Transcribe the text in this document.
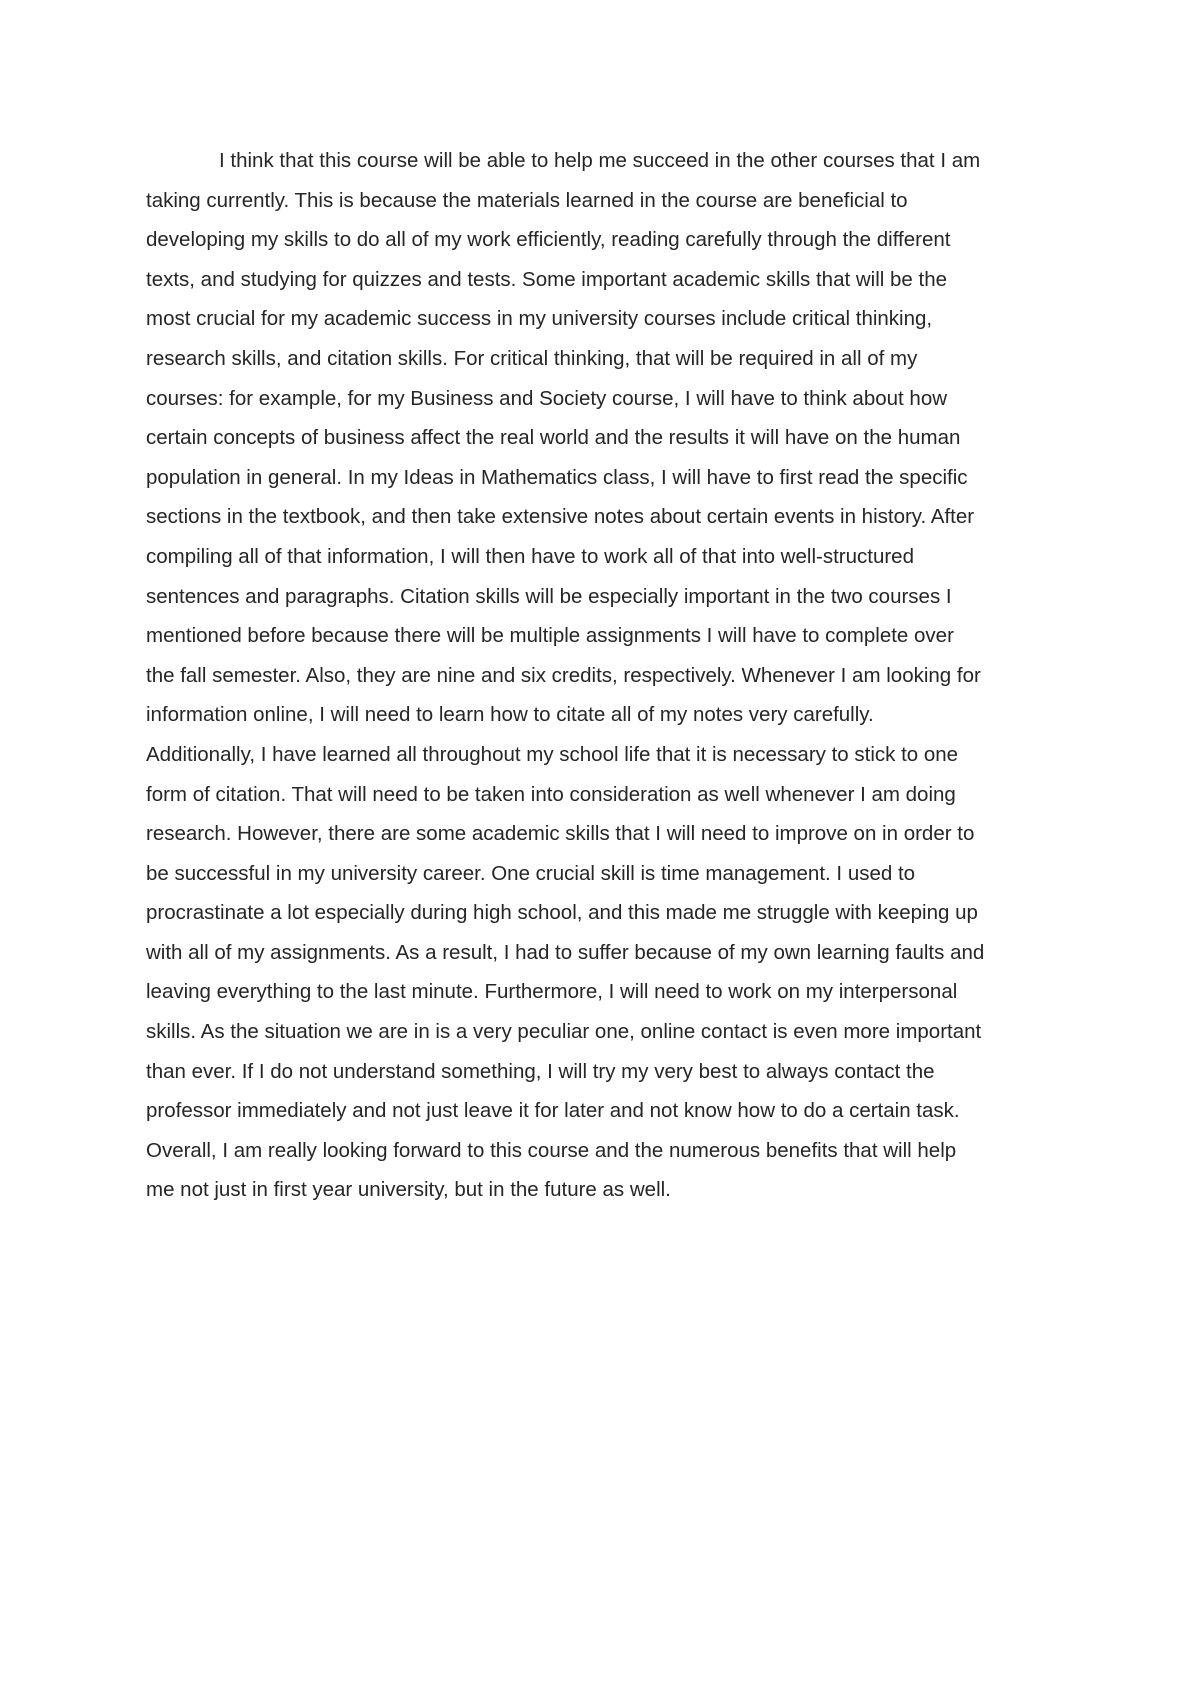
I think that this course will be able to help me succeed in the other courses that I am
taking currently. This is because the materials learned in the course are beneficial to
developing my skills to do all of my work efficiently, reading carefully through the different
texts, and studying for quizzes and tests. Some important academic skills that will be the
most crucial for my academic success in my university courses include critical thinking,
research skills, and citation skills. For critical thinking, that will be required in all of my
courses: for example, for my Business and Society course, I will have to think about how
certain concepts of business affect the real world and the results it will have on the human
population in general. In my Ideas in Mathematics class, I will have to first read the specific
sections in the textbook, and then take extensive notes about certain events in history. After
compiling all of that information, I will then have to work all of that into well-structured
sentences and paragraphs. Citation skills will be especially important in the two courses I
mentioned before because there will be multiple assignments I will have to complete over
the fall semester. Also, they are nine and six credits, respectively. Whenever I am looking for
information online, I will need to learn how to citate all of my notes very carefully.
Additionally, I have learned all throughout my school life that it is necessary to stick to one
form of citation. That will need to be taken into consideration as well whenever I am doing
research. However, there are some academic skills that I will need to improve on in order to
be successful in my university career. One crucial skill is time management. I used to
procrastinate a lot especially during high school, and this made me struggle with keeping up
with all of my assignments. As a result, I had to suffer because of my own learning faults and
leaving everything to the last minute. Furthermore, I will need to work on my interpersonal
skills. As the situation we are in is a very peculiar one, online contact is even more important
than ever. If I do not understand something, I will try my very best to always contact the
professor immediately and not just leave it for later and not know how to do a certain task.
Overall, I am really looking forward to this course and the numerous benefits that will help
me not just in first year university, but in the future as well.
